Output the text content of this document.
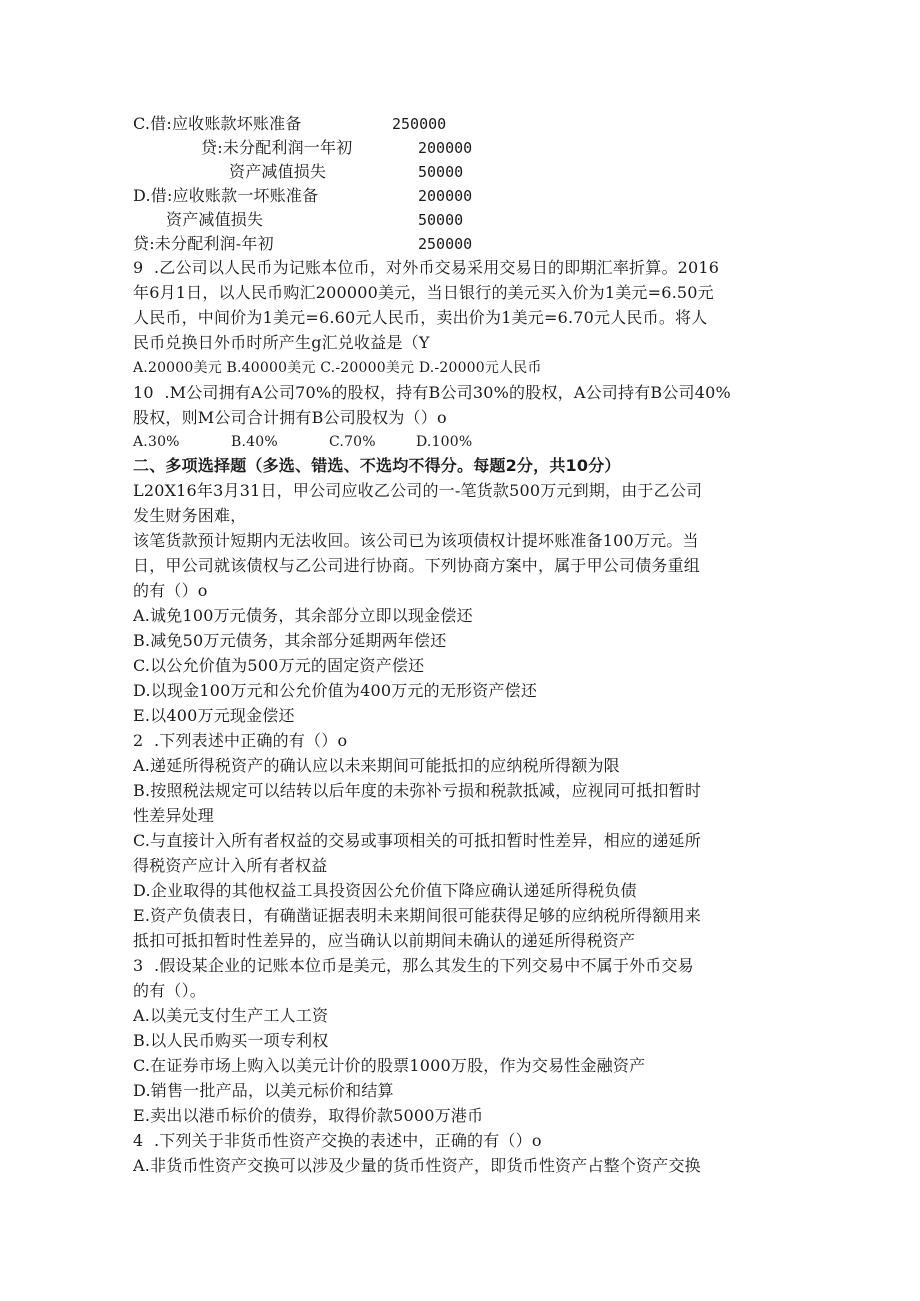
C.借:应收账款坏账准备	250000
贷:未分配利润一年初	200000
资产减值损失	50000
D.借:应收账款一坏账准备	200000
资产减值损失	50000
贷:未分配利润-年初	250000
9  .乙公司以人民币为记账本位币，对外币交易采用交易日的即期汇率折算。2016
年6月1日，以人民币购汇200000美元，当日银行的美元买入价为1美元=6.50元
人民币，中间价为1美元=6.60元人民币，卖出价为1美元=6.70元人民币。将人
民币兑换日外币时所产生g汇兑收益是（Y
A.20000美元 B.40000美元 C.-20000美元 D.-20000元人民币
10  .M公司拥有A公司70%的股权，持有B公司30%的股权，A公司持有B公司40%
股权，则M公司合计拥有B公司股权为（）o
A.30%	B.40%	C.70%	D.100%
二、多项选择题（多选、错选、不选均不得分。每题2分，共10分）
L20X16年3月31日，甲公司应收乙公司的一-笔货款500万元到期，由于乙公司
发生财务困难，
该笔货款预计短期内无法收回。该公司已为该项债权计提坏账准备100万元。当
日，甲公司就该债权与乙公司进行协商。下列协商方案中，属于甲公司债务重组
的有（）o
A.诚免100万元债务，其余部分立即以现金偿还
B.减免50万元债务，其余部分延期两年偿还
C.以公允价值为500万元的固定资产偿还
D.以现金100万元和公允价值为400万元的无形资产偿还
E.以400万元现金偿还
2  .下列表述中正确的有（）o
A.递延所得税资产的确认应以未来期间可能抵扣的应纳税所得额为限
B.按照税法规定可以结转以后年度的未弥补亏损和税款抵减，应视同可抵扣暂时
性差异处理
C.与直接计入所有者权益的交易或事项相关的可抵扣暂时性差异，相应的递延所
得税资产应计入所有者权益
D.企业取得的其他权益工具投资因公允价值下降应确认递延所得税负债
E.资产负债表日，有确凿证据表明未来期间很可能获得足够的应纳税所得额用来
抵扣可抵扣暂时性差异的，应当确认以前期间未确认的递延所得税资产
3  .假设某企业的记账本位币是美元，那么其发生的下列交易中不属于外币交易
的有（）。
A.以美元支付生产工人工资
B.以人民币购买一项专利权
C.在证券市场上购入以美元计价的股票1000万股，作为交易性金融资产
D.销售一批产品，以美元标价和结算
E.卖出以港币标价的债券，取得价款5000万港币
4  .下列关于非货币性资产交换的表述中，正确的有（）o
A.非货币性资产交换可以涉及少量的货币性资产，即货币性资产占整个资产交换
